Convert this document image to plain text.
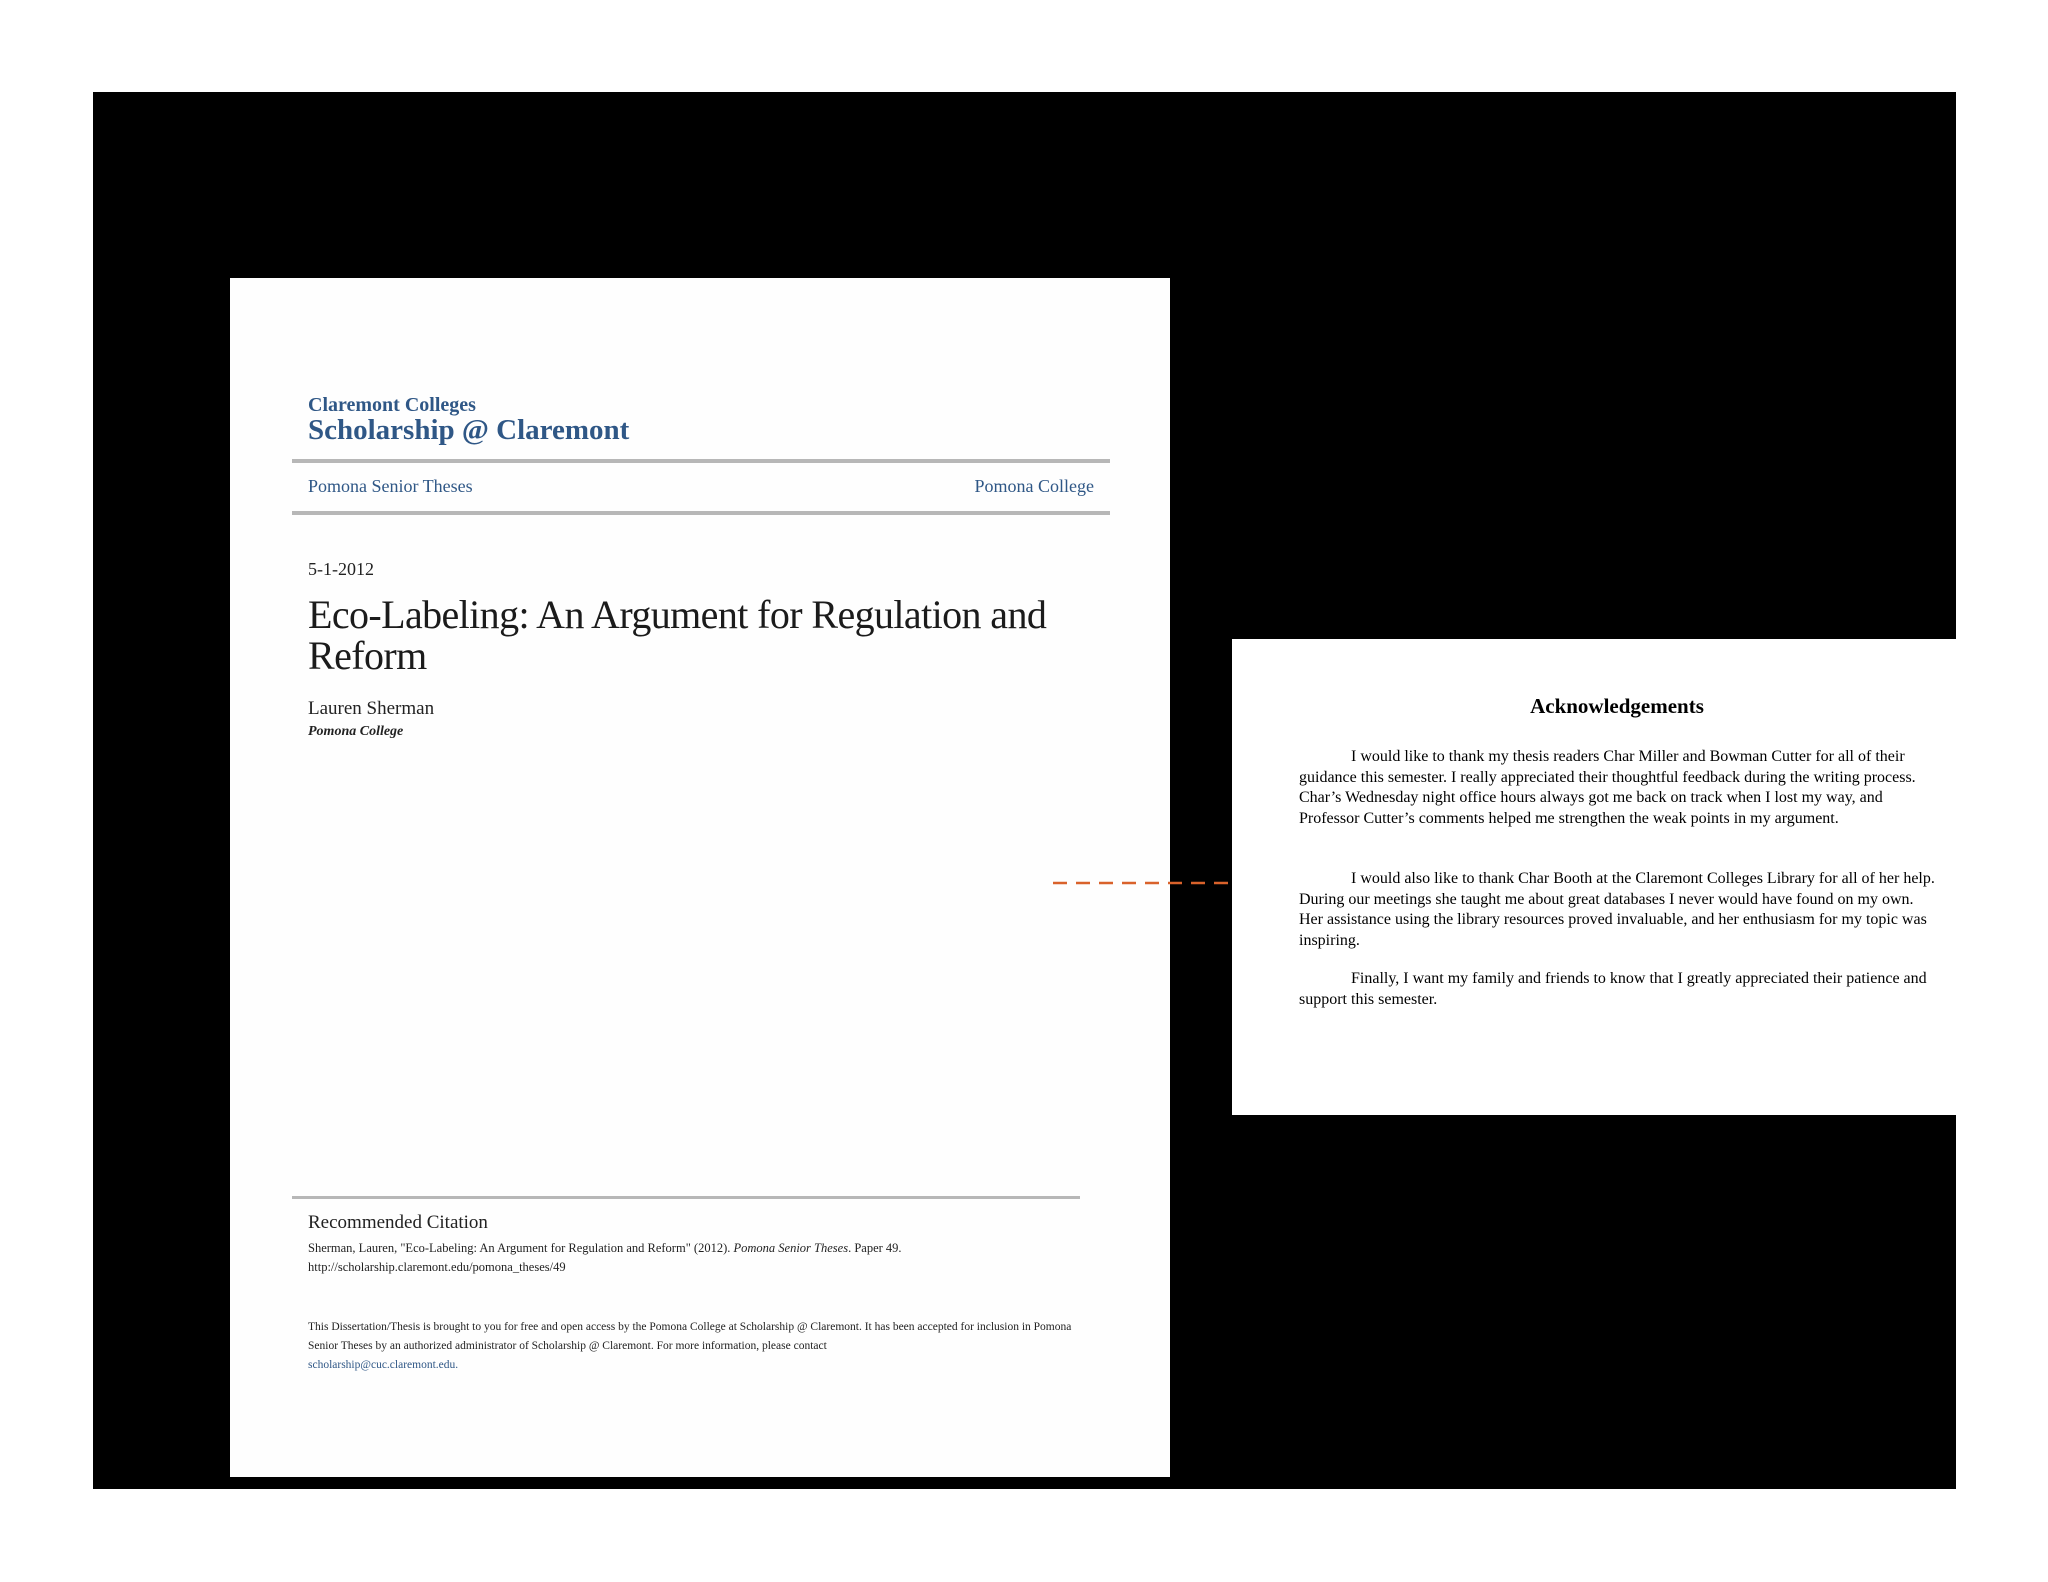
Claremont Colleges
Scholarship @ Claremont
Pomona Senior Theses	Pomona College
5-1-2012
Eco-Labeling: An Argument for Regulation and Reform
Lauren Sherman
Pomona College
Recommended Citation
Sherman, Lauren, "Eco-Labeling: An Argument for Regulation and Reform" (2012). Pomona Senior Theses. Paper 49.
http://scholarship.claremont.edu/pomona_theses/49
This Dissertation/Thesis is brought to you for free and open access by the Pomona College at Scholarship @ Claremont. It has been accepted for inclusion in Pomona Senior Theses by an authorized administrator of Scholarship @ Claremont. For more information, please contact
scholarship@cuc.claremont.edu.
Acknowledgements
I would like to thank my thesis readers Char Miller and Bowman Cutter for all of their guidance this semester. I really appreciated their thoughtful feedback during the writing process. Char’s Wednesday night office hours always got me back on track when I lost my way, and Professor Cutter’s comments helped me strengthen the weak points in my argument.
I would also like to thank Char Booth at the Claremont Colleges Library for all of her help. During our meetings she taught me about great databases I never would have found on my own. Her assistance using the library resources proved invaluable, and her enthusiasm for my topic was inspiring.
Finally, I want my family and friends to know that I greatly appreciated their patience and support this semester.
